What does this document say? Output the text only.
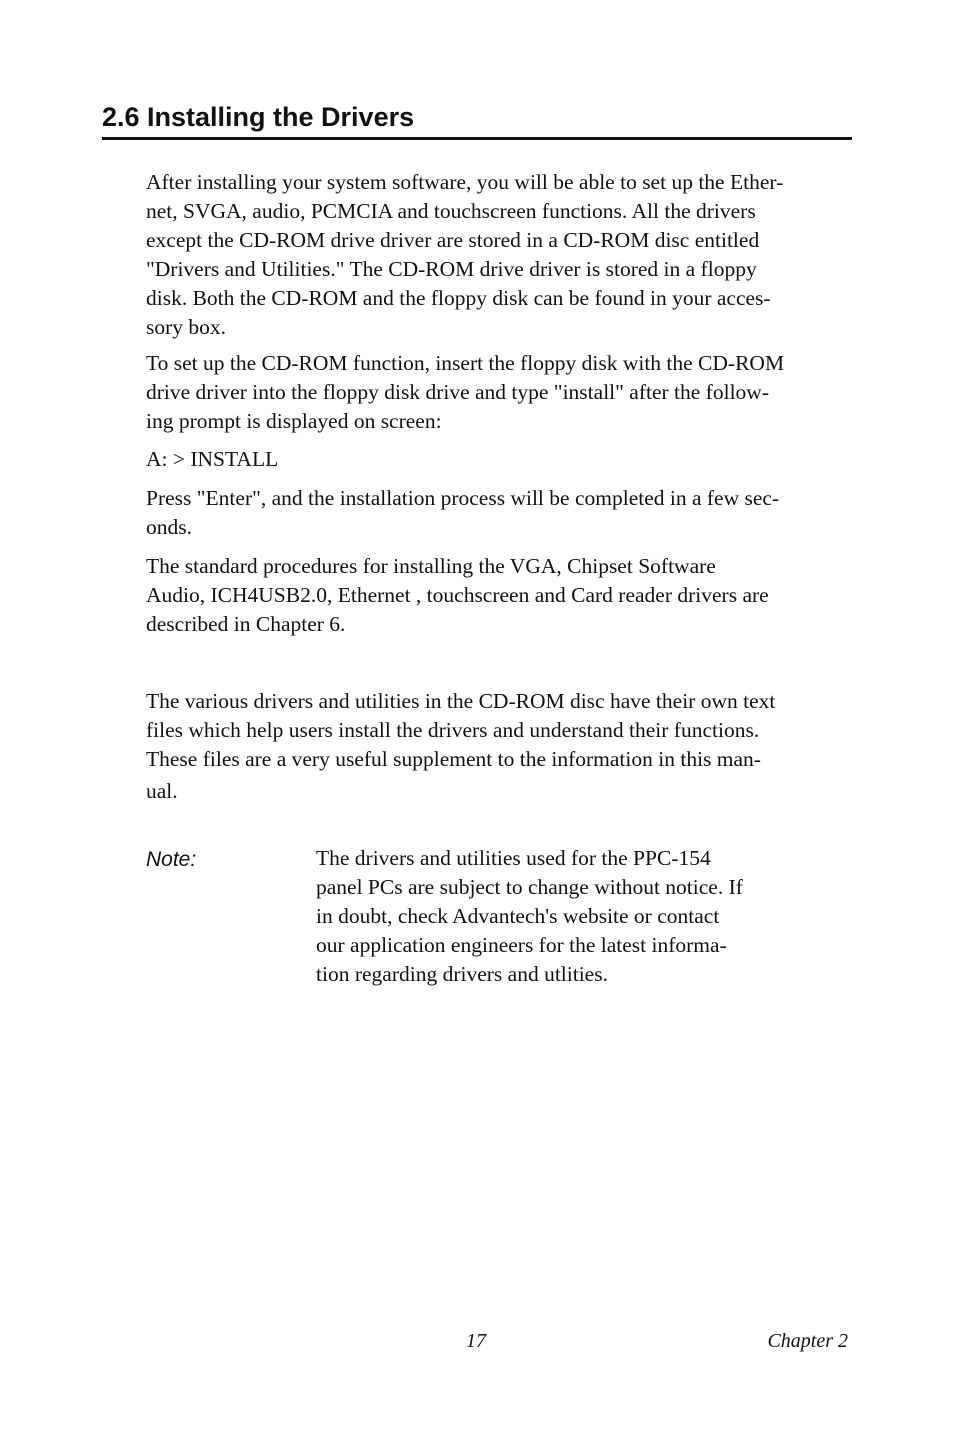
2.6 Installing the Drivers
After installing your system software, you will be able to set up the Ether-
net, SVGA, audio, PCMCIA and touchscreen functions. All the drivers
except the CD-ROM drive driver are stored in a CD-ROM disc entitled
"Drivers and Utilities." The CD-ROM drive driver is stored in a floppy
disk. Both the CD-ROM and the floppy disk can be found in your acces-
sory box.
To set up the CD-ROM function, insert the floppy disk with the CD-ROM
drive driver into the floppy disk drive and type "install" after the follow-
ing prompt is displayed on screen:
A: > INSTALL
Press "Enter", and the installation process will be completed in a few sec-
onds.
The standard procedures for installing the VGA, Chipset Software
Audio, ICH4USB2.0, Ethernet , touchscreen and Card reader drivers are
described in Chapter 6.
The various drivers and utilities in the CD-ROM disc have their own text
files which help users install the drivers and understand their functions.
These files are a very useful supplement to the information in this man-
ual.
Note:	The drivers and utilities used for the PPC-154
panel PCs are subject to change without notice. If
in doubt, check Advantech's website or contact
our application engineers for the latest informa-
tion regarding drivers and utlities.
17	Chapter 2
